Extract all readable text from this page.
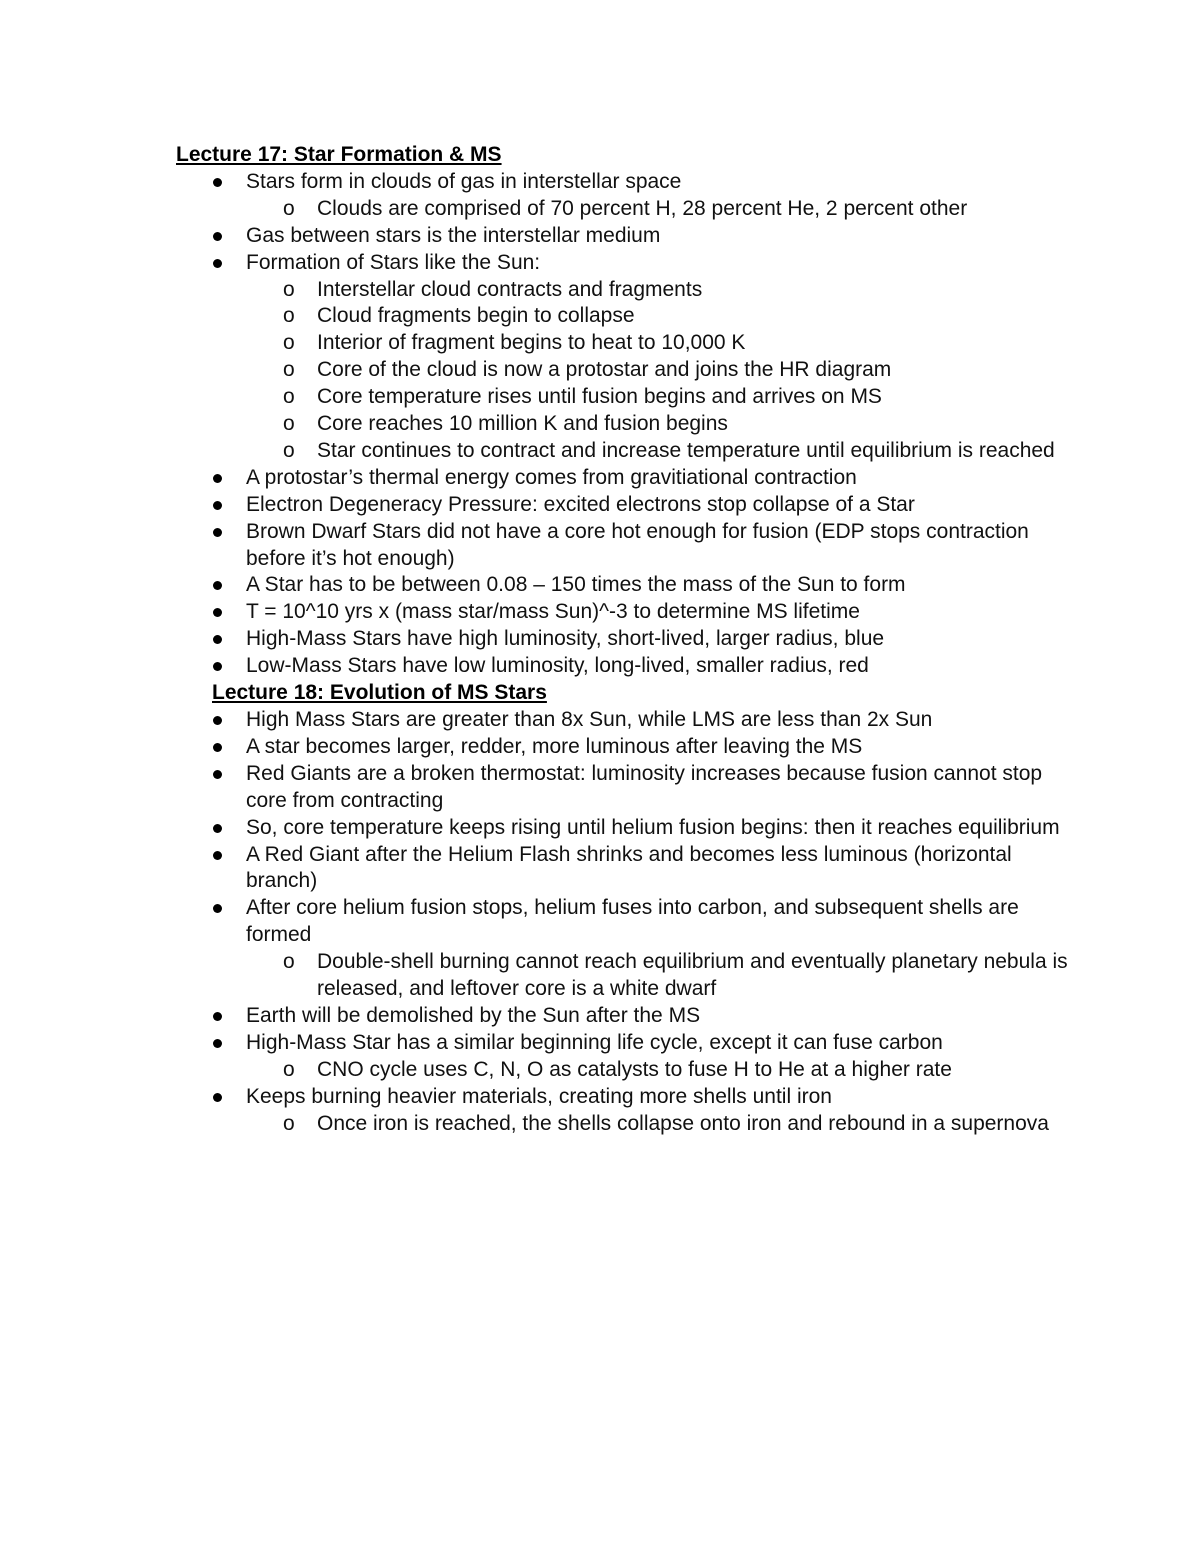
Lecture 17: Star Formation & MS
Stars form in clouds of gas in interstellar space
o Clouds are comprised of 70 percent H, 28 percent He, 2 percent other
Gas between stars is the interstellar medium
Formation of Stars like the Sun:
o Interstellar cloud contracts and fragments
o Cloud fragments begin to collapse
o Interior of fragment begins to heat to 10,000 K
o Core of the cloud is now a protostar and joins the HR diagram
o Core temperature rises until fusion begins and arrives on MS
o Core reaches 10 million K and fusion begins
o Star continues to contract and increase temperature until equilibrium is reached
A protostar’s thermal energy comes from gravitiational contraction
Electron Degeneracy Pressure: excited electrons stop collapse of a Star
Brown Dwarf Stars did not have a core hot enough for fusion (EDP stops contraction before it’s hot enough)
A Star has to be between 0.08 – 150 times the mass of the Sun to form
T = 10^10 yrs x (mass star/mass Sun)^-3 to determine MS lifetime
High-Mass Stars have high luminosity, short-lived, larger radius, blue
Low-Mass Stars have low luminosity, long-lived, smaller radius, red
Lecture 18: Evolution of MS Stars
High Mass Stars are greater than 8x Sun, while LMS are less than 2x Sun
A star becomes larger, redder, more luminous after leaving the MS
Red Giants are a broken thermostat: luminosity increases because fusion cannot stop core from contracting
So, core temperature keeps rising until helium fusion begins: then it reaches equilibrium
A Red Giant after the Helium Flash shrinks and becomes less luminous (horizontal branch)
After core helium fusion stops, helium fuses into carbon, and subsequent shells are formed
o Double-shell burning cannot reach equilibrium and eventually planetary nebula is released, and leftover core is a white dwarf
Earth will be demolished by the Sun after the MS
High-Mass Star has a similar beginning life cycle, except it can fuse carbon
o CNO cycle uses C, N, O as catalysts to fuse H to He at a higher rate
Keeps burning heavier materials, creating more shells until iron
o Once iron is reached, the shells collapse onto iron and rebound in a supernova
